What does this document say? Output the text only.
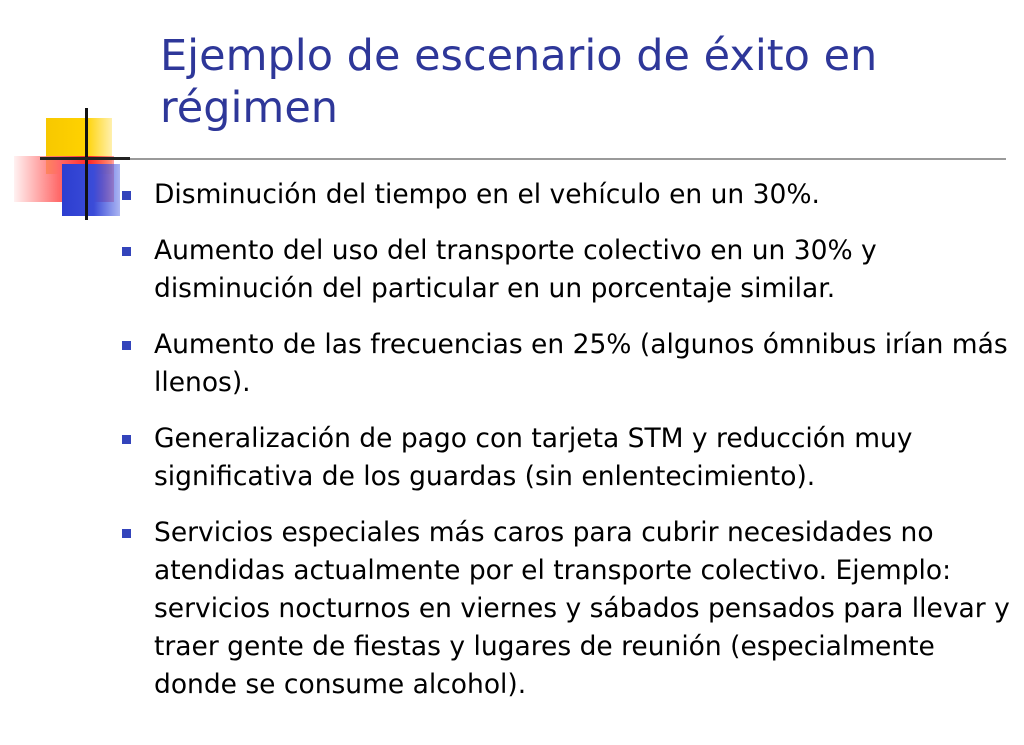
Ejemplo de escenario de éxito en régimen
Disminución del tiempo en el vehículo en un 30%.
Aumento del uso del transporte colectivo en un 30% y disminución del particular en un porcentaje similar.
Aumento de las frecuencias en 25% (algunos ómnibus irían más llenos).
Generalización de pago con tarjeta STM y reducción muy significativa de los guardas (sin enlentecimiento).
Servicios especiales más caros para cubrir necesidades no atendidas actualmente por el transporte colectivo. Ejemplo: servicios nocturnos en viernes y sábados pensados para llevar y traer gente de fiestas y lugares de reunión (especialmente donde se consume alcohol).
